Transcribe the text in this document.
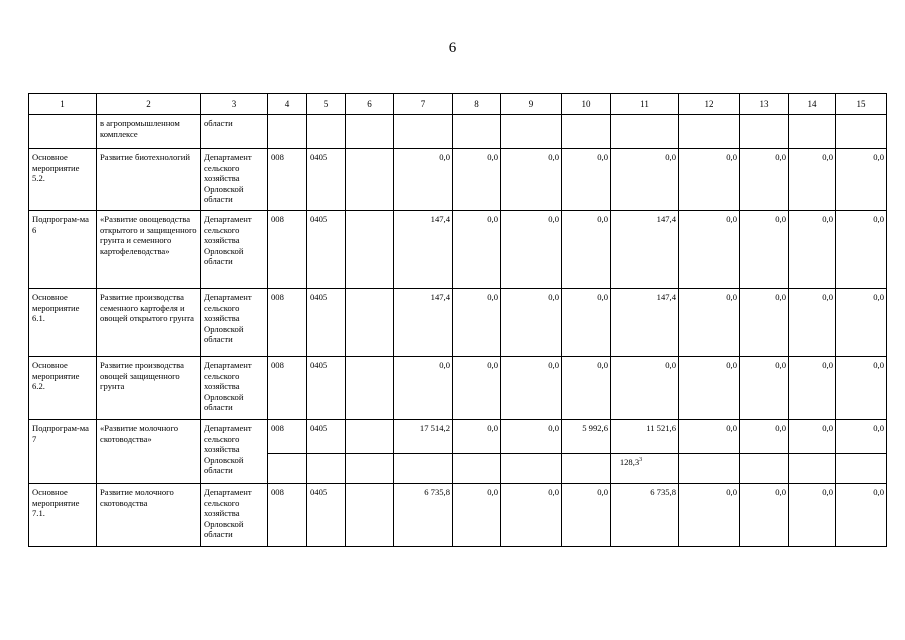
6
1	2	3	4	5	6	7	8	9	10	11	12	13	14	15
	в агропромышленном комплексе	области												
Основное мероприятие 5.2.	Развитие биотехнологий	Департамент сельского хозяйства Орловской области	008	0405		0,0	0,0	0,0	0,0	0,0	0,0	0,0	0,0	0,0
Подпрограм-ма 6	«Развитие овощеводства открытого и защищенного грунта и семенного картофелеводства»	Департамент сельского хозяйства Орловской области	008	0405		147,4	0,0	0,0	0,0	147,4	0,0	0,0	0,0	0,0
Основное мероприятие 6.1.	Развитие производства семенного картофеля и овощей открытого грунта	Департамент сельского хозяйства Орловской области	008	0405		147,4	0,0	0,0	0,0	147,4	0,0	0,0	0,0	0,0
Основное мероприятие 6.2.	Развитие производства овощей защищенного грунта	Департамент сельского хозяйства Орловской области	008	0405		0,0	0,0	0,0	0,0	0,0	0,0	0,0	0,0	0,0
Подпрограм-ма 7	«Развитие молочного скотоводства»	Департамент сельского хозяйства Орловской области	008	0405		17 514,2	0,0	0,0	5 992,6	11 521,6	0,0	0,0	0,0	0,0
										128,3$^3$				
Основное мероприятие 7.1.	Развитие молочного скотоводства	Департамент сельского хозяйства Орловской области	008	0405		6 735,8	0,0	0,0	0,0	6 735,8	0,0	0,0	0,0	0,0
